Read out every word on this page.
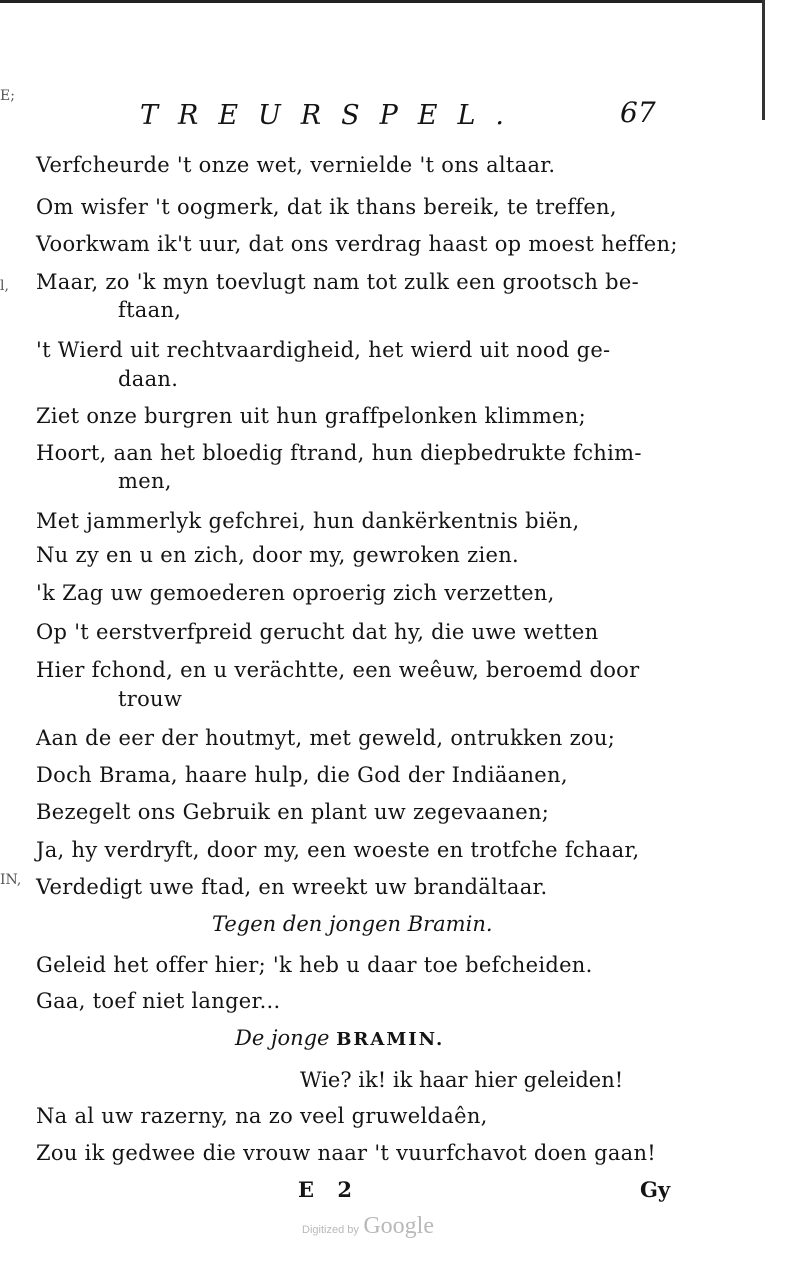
E;
l,
IN,
TREURSPEL.	67
Verfcheurde 't onze wet, vernielde 't ons altaar.
Om wisfer 't oogmerk, dat ik thans bereik, te treffen,
Voorkwam ik't uur, dat ons verdrag haast op moest heffen;
Maar, zo 'k myn toevlugt nam tot zulk een grootsch be-
ftaan,
't Wierd uit rechtvaardigheid, het wierd uit nood ge-
daan.
Ziet onze burgren uit hun graffpelonken klimmen;
Hoort, aan het bloedig ftrand, hun diepbedrukte fchim-
men,
Met jammerlyk gefchrei, hun dankërkentnis biën,
Nu zy en u en zich, door my, gewroken zien.
'k Zag uw gemoederen oproerig zich verzetten,
Op 't eerstverfpreid gerucht dat hy, die uwe wetten
Hier fchond, en u verächtte, een weêuw, beroemd door
trouw
Aan de eer der houtmyt, met geweld, ontrukken zou;
Doch Brama, haare hulp, die God der Indiäanen,
Bezegelt ons Gebruik en plant uw zegevaanen;
Ja, hy verdryft, door my, een woeste en trotfche fchaar,
Verdedigt uwe ftad, en wreekt uw brandältaar.
Tegen den jongen Bramin.
Geleid het offer hier; 'k heb u daar toe befcheiden.
Gaa, toef niet langer...
De jonge BRAMIN.
Wie? ik! ik haar hier geleiden!
Na al uw razerny, na zo veel gruweldaên,
Zou ik gedwee die vrouw naar 't vuurfchavot doen gaan!
E 2	Gy
Digitized by Google
